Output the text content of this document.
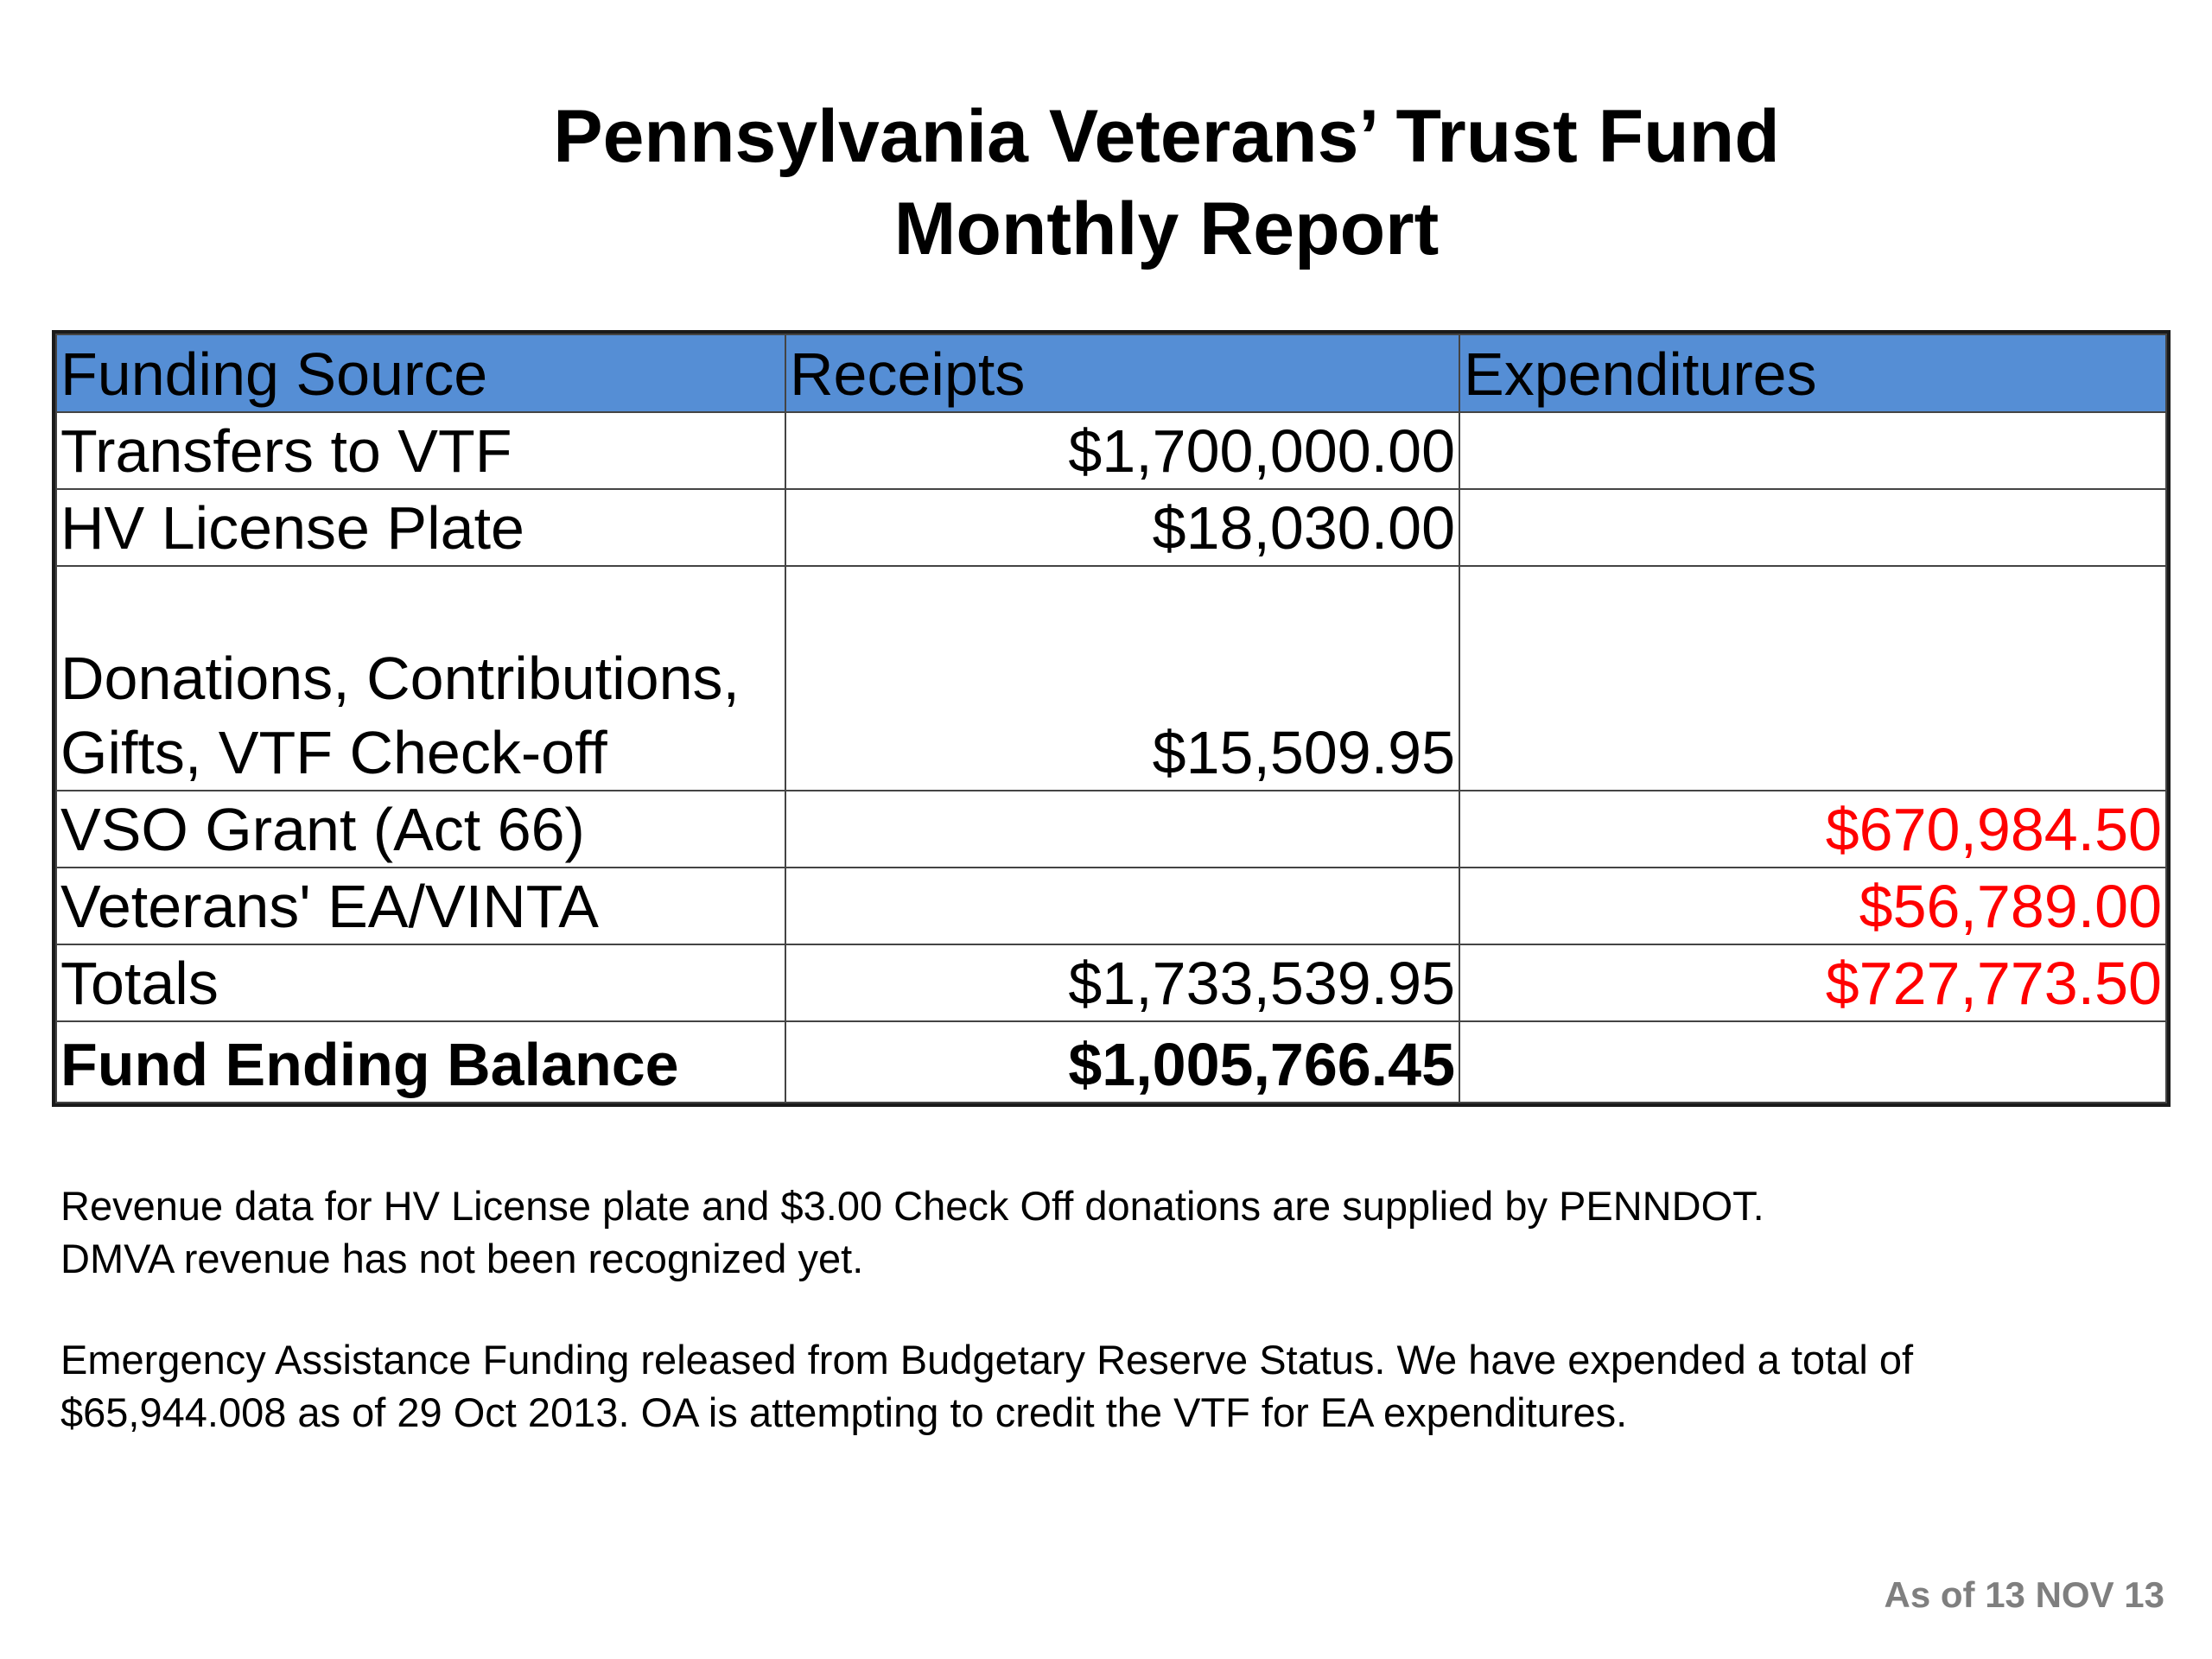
Pennsylvania Veterans’ Trust Fund
Monthly Report
Funding Source	Receipts	Expenditures
Transfers to VTF	$1,700,000.00	
HV License Plate	$18,030.00	
Donations, Contributions, Gifts, VTF Check-off	$15,509.95	
VSO Grant (Act 66)		$670,984.50
Veterans' EA/VINTA		$56,789.00
Totals	$1,733,539.95	$727,773.50
Fund Ending Balance	$1,005,766.45	

Revenue data for HV License plate and $3.00 Check Off donations are supplied by PENNDOT.

DMVA revenue has not been recognized yet.

Emergency Assistance Funding released from Budgetary Reserve Status. We have expended a total of

$65,944.008 as of 29 Oct 2013. OA is attempting to credit the VTF for EA expenditures.

As of 13 NOV 13
